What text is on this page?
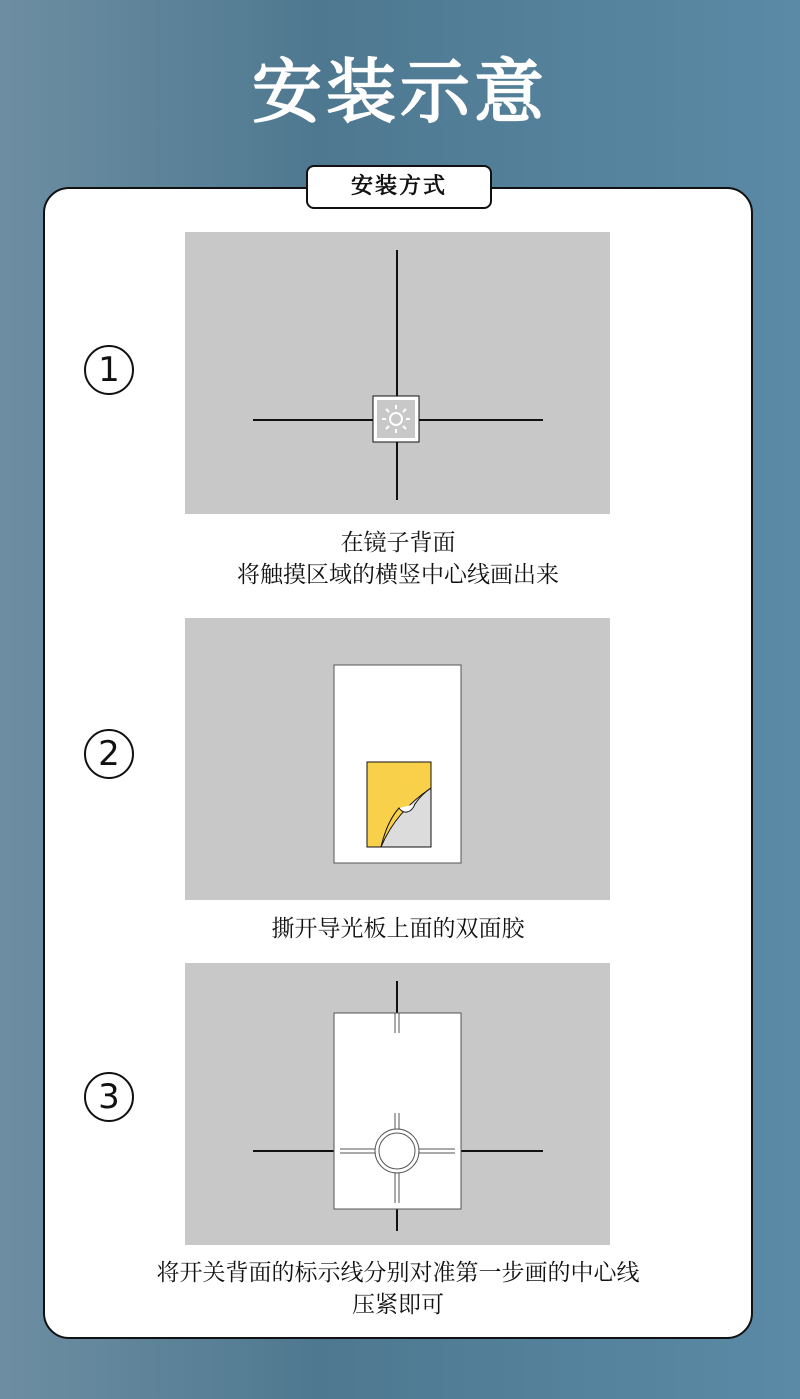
安装示意
安装方式
1
在镜子背面
将触摸区域的横竖中心线画出来
2
撕开导光板上面的双面胶
3
将开关背面的标示线分别对准第一步画的中心线
压紧即可
